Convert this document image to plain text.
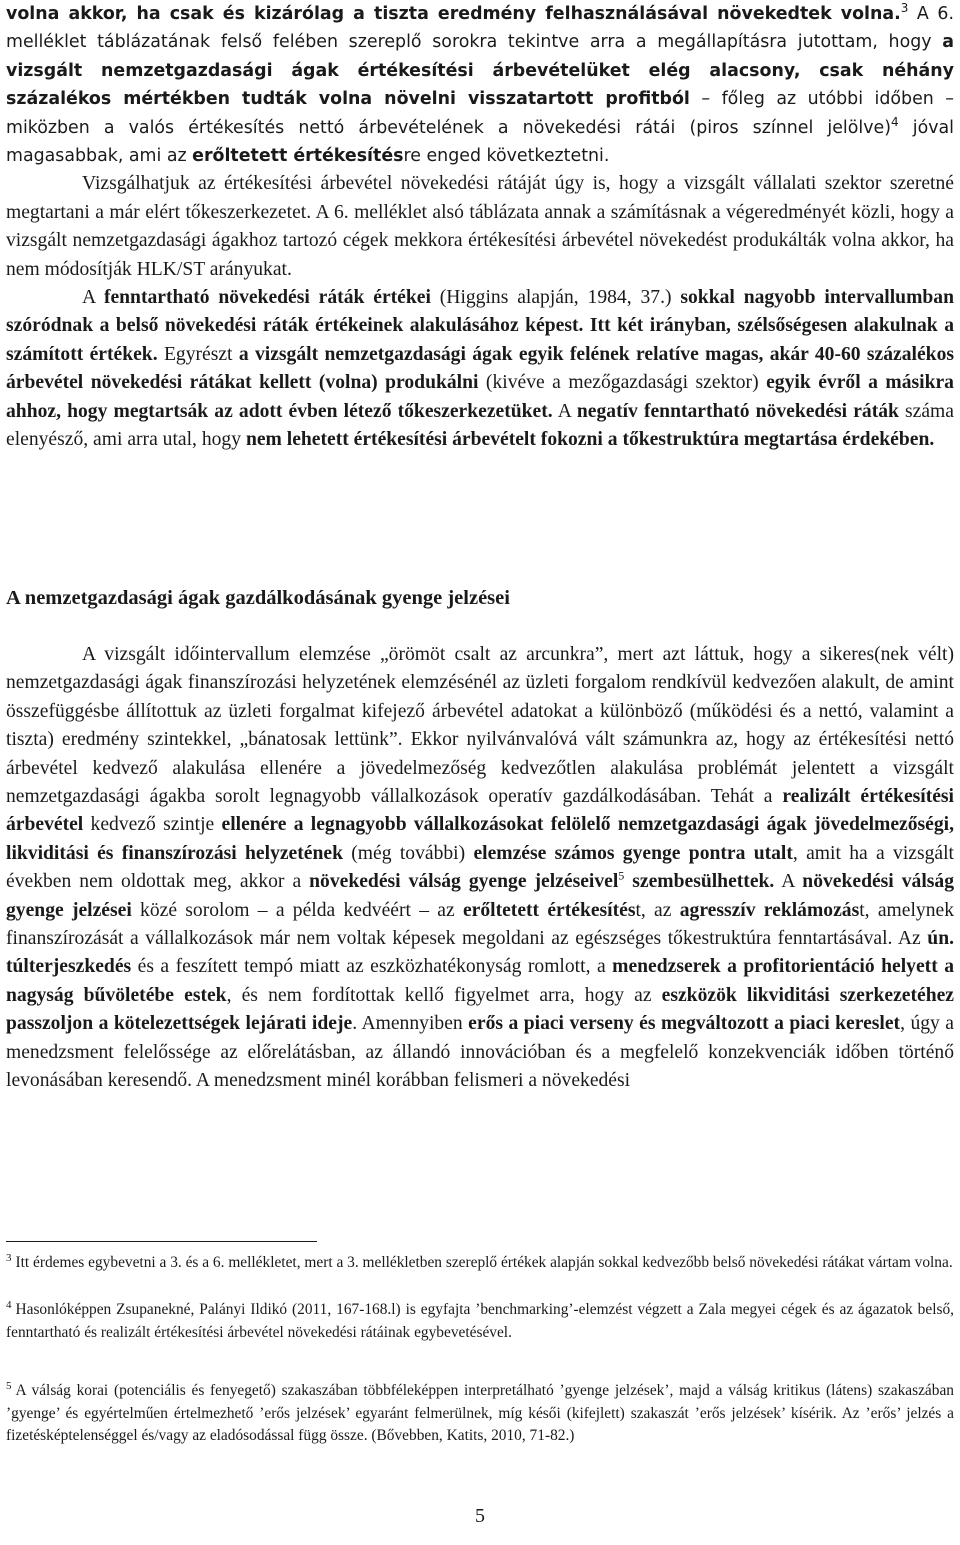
volna akkor, ha csak és kizárólag a tiszta eredmény felhasználásával növekedtek volna.$^3$ A 6. melléklet táblázatának felső felében szereplő sorokra tekintve arra a megállapításra jutottam, hogy a vizsgált nemzetgazdasági ágak értékesítési árbevételüket elég alacsony, csak néhány százalékos mértékben tudták volna növelni visszatartott profitból – főleg az utóbbi időben – miközben a valós értékesítés nettó árbevételének a növekedési rátái (piros színnel jelölve)$^4$ jóval magasabbak, ami az erőltetett értékesítésre enged következtetni.

Vizsgálhatjuk az értékesítési árbevétel növekedési rátáját úgy is, hogy a vizsgált vállalati szektor szeretné megtartani a már elért tőkeszerkezetet. A 6. melléklet alsó táblázata annak a számításnak a végeredményét közli, hogy a vizsgált nemzetgazdasági ágakhoz tartozó cégek mekkora értékesítési árbevétel növekedést produkálták volna akkor, ha nem módosítják HLK/ST arányukat.

A fenntartható növekedési ráták értékei (Higgins alapján, 1984, 37.) sokkal nagyobb intervallumban szóródnak a belső növekedési ráták értékeinek alakulásához képest. Itt két irányban, szélsőségesen alakulnak a számított értékek. Egyrészt a vizsgált nemzetgazdasági ágak egyik felének relatíve magas, akár 40-60 százalékos árbevétel növekedési rátákat kellett (volna) produkálni (kivéve a mezőgazdasági szektor) egyik évről a másikra ahhoz, hogy megtartsák az adott évben létező tőkeszerkezetüket. A negatív fenntartható növekedési ráták száma elenyésző, ami arra utal, hogy nem lehetett értékesítési árbevételt fokozni a tőkestruktúra megtartása érdekében.

A nemzetgazdasági ágak gazdálkodásának gyenge jelzései

A vizsgált időintervallum elemzése „örömöt csalt az arcunkra”, mert azt láttuk, hogy a sikeres(nek vélt) nemzetgazdasági ágak finanszírozási helyzetének elemzésénél az üzleti forgalom rendkívül kedvezően alakult, de amint összefüggésbe állítottuk az üzleti forgalmat kifejező árbevétel adatokat a különböző (működési és a nettó, valamint a tiszta) eredmény szintekkel, „bánatosak lettünk”. Ekkor nyilvánvalóvá vált számunkra az, hogy az értékesítési nettó árbevétel kedvező alakulása ellenére a jövedelmezőség kedvezőtlen alakulása problémát jelentett a vizsgált nemzetgazdasági ágakba sorolt legnagyobb vállalkozások operatív gazdálkodásában. Tehát a realizált értékesítési árbevétel kedvező szintje ellenére a legnagyobb vállalkozásokat felölelő nemzetgazdasági ágak jövedelmezőségi, likviditási és finanszírozási helyzetének (még további) elemzése számos gyenge pontra utalt, amit ha a vizsgált években nem oldottak meg, akkor a növekedési válság gyenge jelzéseivel$^5$ szembesülhettek. A növekedési válság gyenge jelzései közé sorolom – a példa kedvéért – az erőltetett értékesítést, az agresszív reklámozást, amelynek finanszírozását a vállalkozások már nem voltak képesek megoldani az egészséges tőkestruktúra fenntartásával. Az ún. túlterjeszkedés és a feszített tempó miatt az eszközhatékonyság romlott, a menedzserek a profitorientáció helyett a nagyság bűvöletébe estek, és nem fordítottak kellő figyelmet arra, hogy az eszközök likviditási szerkezetéhez passzoljon a kötelezettségek lejárati ideje. Amennyiben erős a piaci verseny és megváltozott a piaci kereslet, úgy a menedzsment felelőssége az előrelátásban, az állandó innovációban és a megfelelő konzekvenciák időben történő levonásában keresendő. A menedzsment minél korábban felismeri a növekedési

$^3$ Itt érdemes egybevetni a 3. és a 6. mellékletet, mert a 3. mellékletben szereplő értékek alapján sokkal kedvezőbb belső növekedési rátákat vártam volna.

$^4$ Hasonlóképpen Zsupanekné, Palányi Ildikó (2011, 167-168.l) is egyfajta ’benchmarking’-elemzést végzett a Zala megyei cégek és az ágazatok belső, fenntartható és realizált értékesítési árbevétel növekedési rátáinak egybevetésével.

$^5$ A válság korai (potenciális és fenyegető) szakaszában többféleképpen interpretálható ’gyenge jelzések’, majd a válság kritikus (látens) szakaszában ’gyenge’ és egyértelműen értelmezhető ’erős jelzések’ egyaránt felmerülnek, míg késői (kifejlett) szakaszát ’erős jelzések’ kísérik. Az ’erős’ jelzés a fizetésképtelenséggel és/vagy az eladósodással függ össze. (Bővebben, Katits, 2010, 71-82.)

5
